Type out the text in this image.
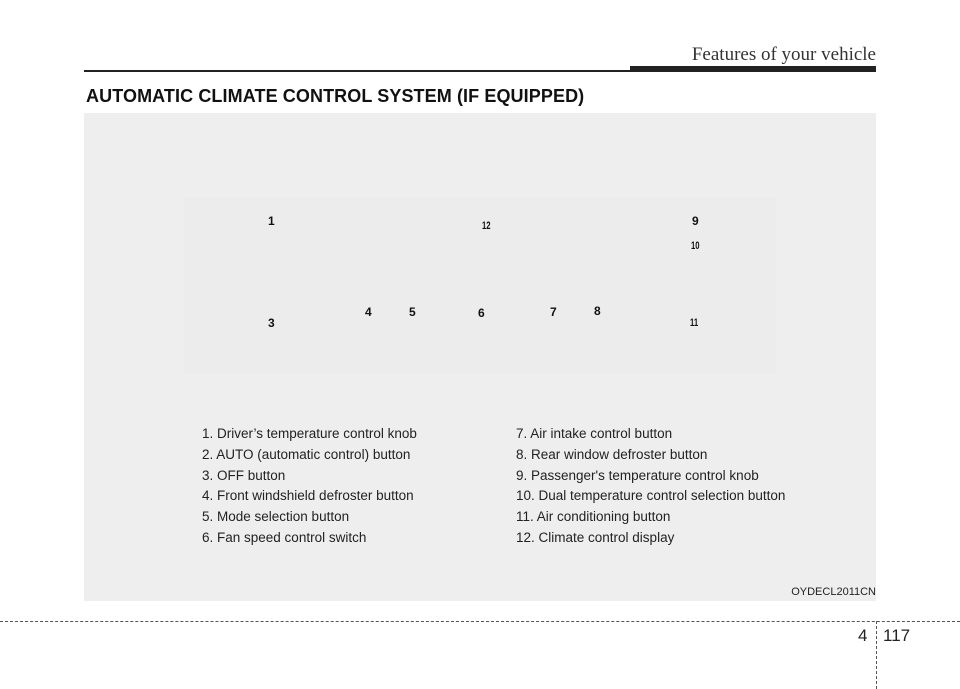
Features of your vehicle
AUTOMATIC CLIMATE CONTROL SYSTEM (IF EQUIPPED)
1	12	9
10
3
4	5	6	7	8
11
1. Driver’s temperature control knob
2. AUTO (automatic control) button
3. OFF button
4. Front windshield defroster button
5. Mode selection button
6. Fan speed control switch
7. Air intake control button
8. Rear window defroster button
9. Passenger's temperature control knob
10. Dual temperature control selection button
11. Air conditioning button
12. Climate control display
OYDECL2011CN
4 117
